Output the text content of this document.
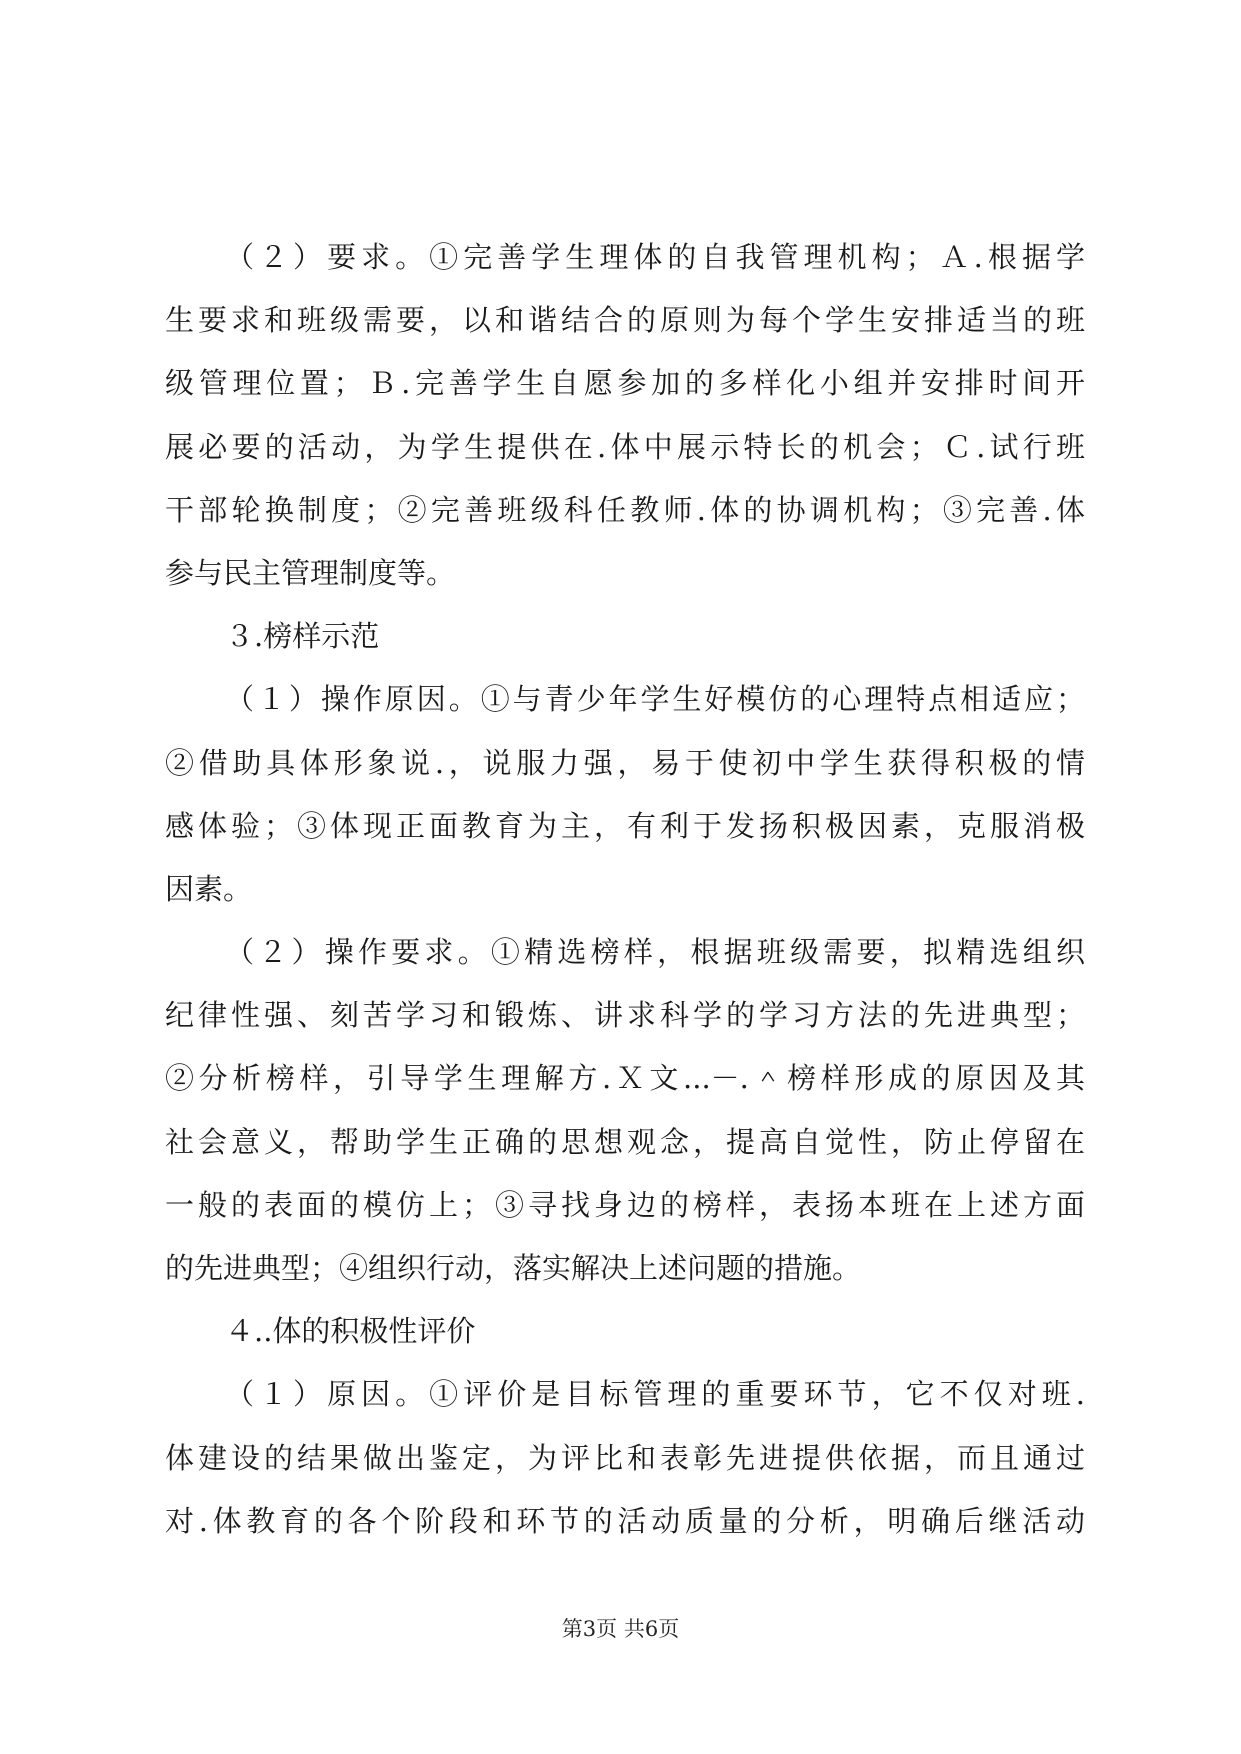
（２）要求。①完善学生理体的自我管理机构；Ａ.根据学
生要求和班级需要，以和谐结合的原则为每个学生安排适当的班
级管理位置；Ｂ.完善学生自愿参加的多样化小组并安排时间开
展必要的活动，为学生提供在.体中展示特长的机会；Ｃ.试行班
干部轮换制度；②完善班级科任教师.体的协调机构；③完善.体
参与民主管理制度等。
３.榜样示范
（１）操作原因。①与青少年学生好模仿的心理特点相适应；
②借助具体形象说.，说服力强，易于使初中学生获得积极的情
感体验；③体现正面教育为主，有利于发扬积极因素，克服消极
因素。
（２）操作要求。①精选榜样，根据班级需要，拟精选组织
纪律性强、刻苦学习和锻炼、讲求科学的学习方法的先进典型；
②分析榜样，引导学生理解方.Ｘ文...－.＾榜样形成的原因及其
社会意义，帮助学生正确的思想观念，提高自觉性，防止停留在
一般的表面的模仿上；③寻找身边的榜样，表扬本班在上述方面
的先进典型；④组织行动，落实解决上述问题的措施。
４..体的积极性评价
（１）原因。①评价是目标管理的重要环节，它不仅对班.
体建设的结果做出鉴定，为评比和表彰先进提供依据，而且通过
对.体教育的各个阶段和环节的活动质量的分析，明确后继活动
第3页 共6页
